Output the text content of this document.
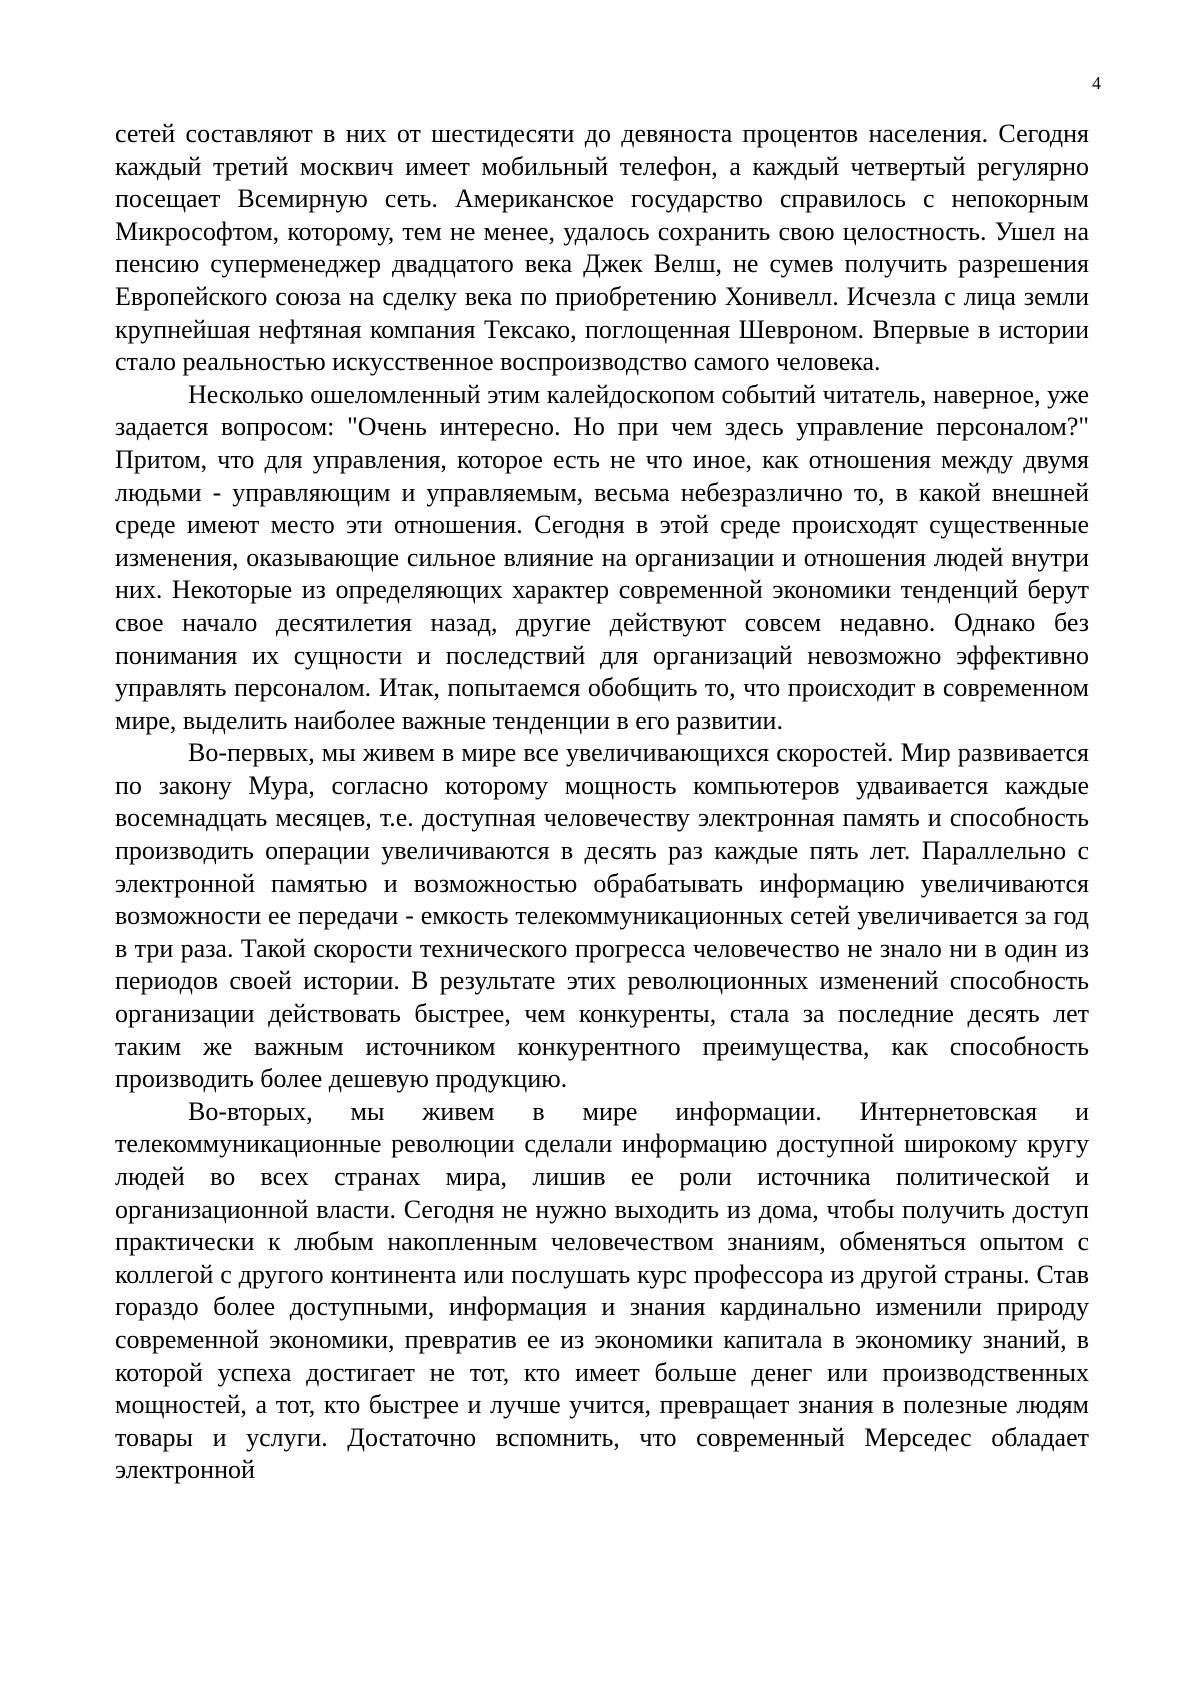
4

сетей составляют в них от шестидесяти до девяноста процентов населения. Сегодня каждый третий москвич имеет мобильный телефон, а каждый четвертый регулярно посещает Всемирную сеть. Американское государство справилось с непокорным Микрософтом, которому, тем не менее, удалось сохранить свою целостность. Ушел на пенсию суперменеджер двадцатого века Джек Велш, не сумев получить разрешения Европейского союза на сделку века по приобретению Хонивелл. Исчезла с лица земли крупнейшая нефтяная компания Тексако, поглощенная Шевроном. Впервые в истории стало реальностью искусственное воспроизводство самого человека.

Несколько ошеломленный этим калейдоскопом событий читатель, наверное, уже задается вопросом: "Очень интересно. Но при чем здесь управление персоналом?" Притом, что для управления, которое есть не что иное, как отношения между двумя людьми - управляющим и управляемым, весьма небезразлично то, в какой внешней среде имеют место эти отношения. Сегодня в этой среде происходят существенные изменения, оказывающие сильное влияние на организации и отношения людей внутри них. Некоторые из определяющих характер современной экономики тенденций берут свое начало десятилетия назад, другие действуют совсем недавно. Однако без понимания их сущности и последствий для организаций невозможно эффективно управлять персоналом. Итак, попытаемся обобщить то, что происходит в современном мире, выделить наиболее важные тенденции в его развитии.

Во-первых, мы живем в мире все увеличивающихся скоростей. Мир развивается по закону Мура, согласно которому мощность компьютеров удваивается каждые восемнадцать месяцев, т.е. доступная человечеству электронная память и способность производить операции увеличиваются в десять раз каждые пять лет. Параллельно с электронной памятью и возможностью обрабатывать информацию увеличиваются возможности ее передачи - емкость телекоммуникационных сетей увеличивается за год в три раза. Такой скорости технического прогресса человечество не знало ни в один из периодов своей истории. В результате этих революционных изменений способность организации действовать быстрее, чем конкуренты, стала за последние десять лет таким же важным источником конкурентного преимущества, как способность производить более дешевую продукцию.

Во-вторых, мы живем в мире информации. Интернетовская и телекоммуникационные революции сделали информацию доступной широкому кругу людей во всех странах мира, лишив ее роли источника политической и организационной власти. Сегодня не нужно выходить из дома, чтобы получить доступ практически к любым накопленным человечеством знаниям, обменяться опытом с коллегой с другого континента или послушать курс профессора из другой страны. Став гораздо более доступными, информация и знания кардинально изменили природу современной экономики, превратив ее из экономики капитала в экономику знаний, в которой успеха достигает не тот, кто имеет больше денег или производственных мощностей, а тот, кто быстрее и лучше учится, превращает знания в полезные людям товары и услуги. Достаточно вспомнить, что современный Мерседес обладает электронной
